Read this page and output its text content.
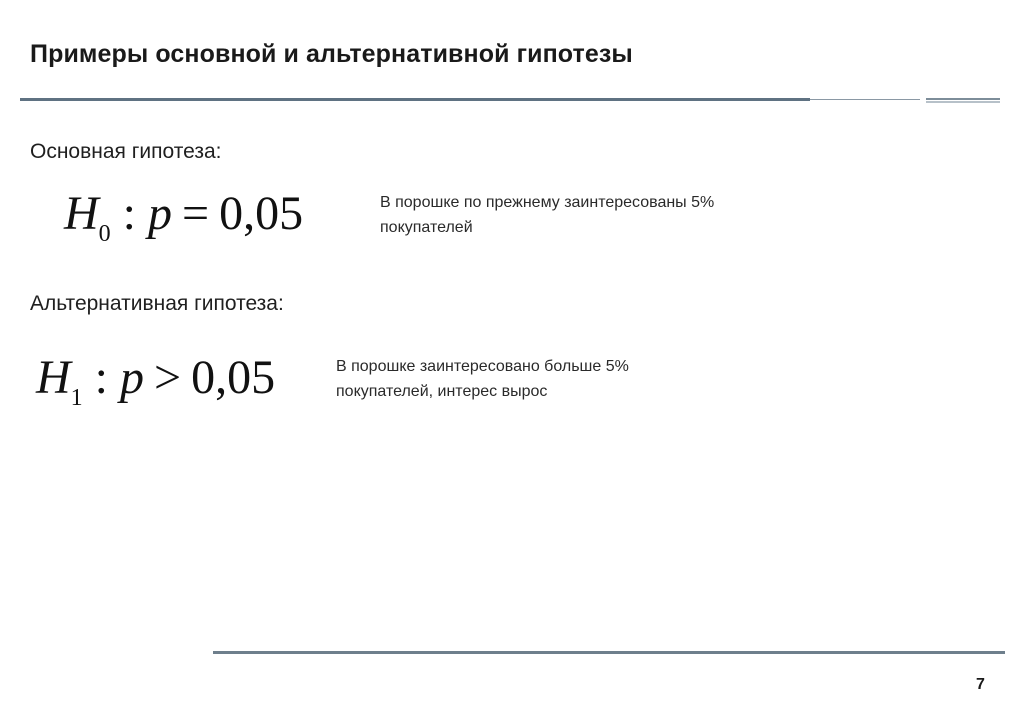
Примеры основной и альтернативной гипотезы
Основная гипотеза:
$H_0$ : p = 0,05	В порошке по прежнему заинтересованы 5%
покупателей
Альтернативная гипотеза:
$H_1$ : p > 0,05	В порошке заинтересовано больше 5%
покупателей, интерес вырос
7
